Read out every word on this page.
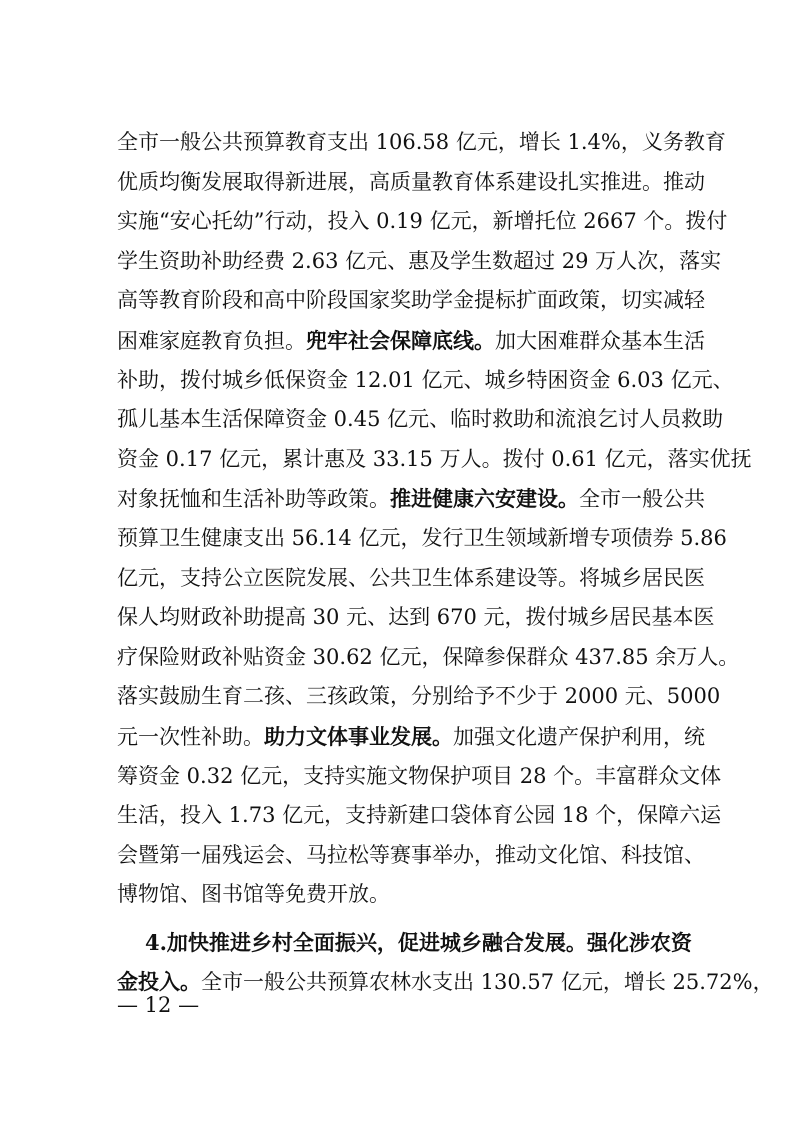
全市一般公共预算教育支出 106.58 亿元，增长 1.4%，义务教育
优质均衡发展取得新进展，高质量教育体系建设扎实推进。推动
实施“安心托幼”行动，投入 0.19 亿元，新增托位 2667 个。拨付
学生资助补助经费 2.63 亿元、惠及学生数超过 29 万人次，落实
高等教育阶段和高中阶段国家奖助学金提标扩面政策，切实减轻
困难家庭教育负担。兜牢社会保障底线。加大困难群众基本生活
补助，拨付城乡低保资金 12.01 亿元、城乡特困资金 6.03 亿元、
孤儿基本生活保障资金 0.45 亿元、临时救助和流浪乞讨人员救助
资金 0.17 亿元，累计惠及 33.15 万人。拨付 0.61 亿元，落实优抚
对象抚恤和生活补助等政策。推进健康六安建设。全市一般公共
预算卫生健康支出 56.14 亿元，发行卫生领域新增专项债券 5.86
亿元，支持公立医院发展、公共卫生体系建设等。将城乡居民医
保人均财政补助提高 30 元、达到 670 元，拨付城乡居民基本医
疗保险财政补贴资金 30.62 亿元，保障参保群众 437.85 余万人。
落实鼓励生育二孩、三孩政策，分别给予不少于 2000 元、5000
元一次性补助。助力文体事业发展。加强文化遗产保护利用，统
筹资金 0.32 亿元，支持实施文物保护项目 28 个。丰富群众文体
生活，投入 1.73 亿元，支持新建口袋体育公园 18 个，保障六运
会暨第一届残运会、马拉松等赛事举办，推动文化馆、科技馆、
博物馆、图书馆等免费开放。
4.加快推进乡村全面振兴，促进城乡融合发展。强化涉农资
金投入。全市一般公共预算农林水支出 130.57 亿元，增长 25.72%，
— 12 —
